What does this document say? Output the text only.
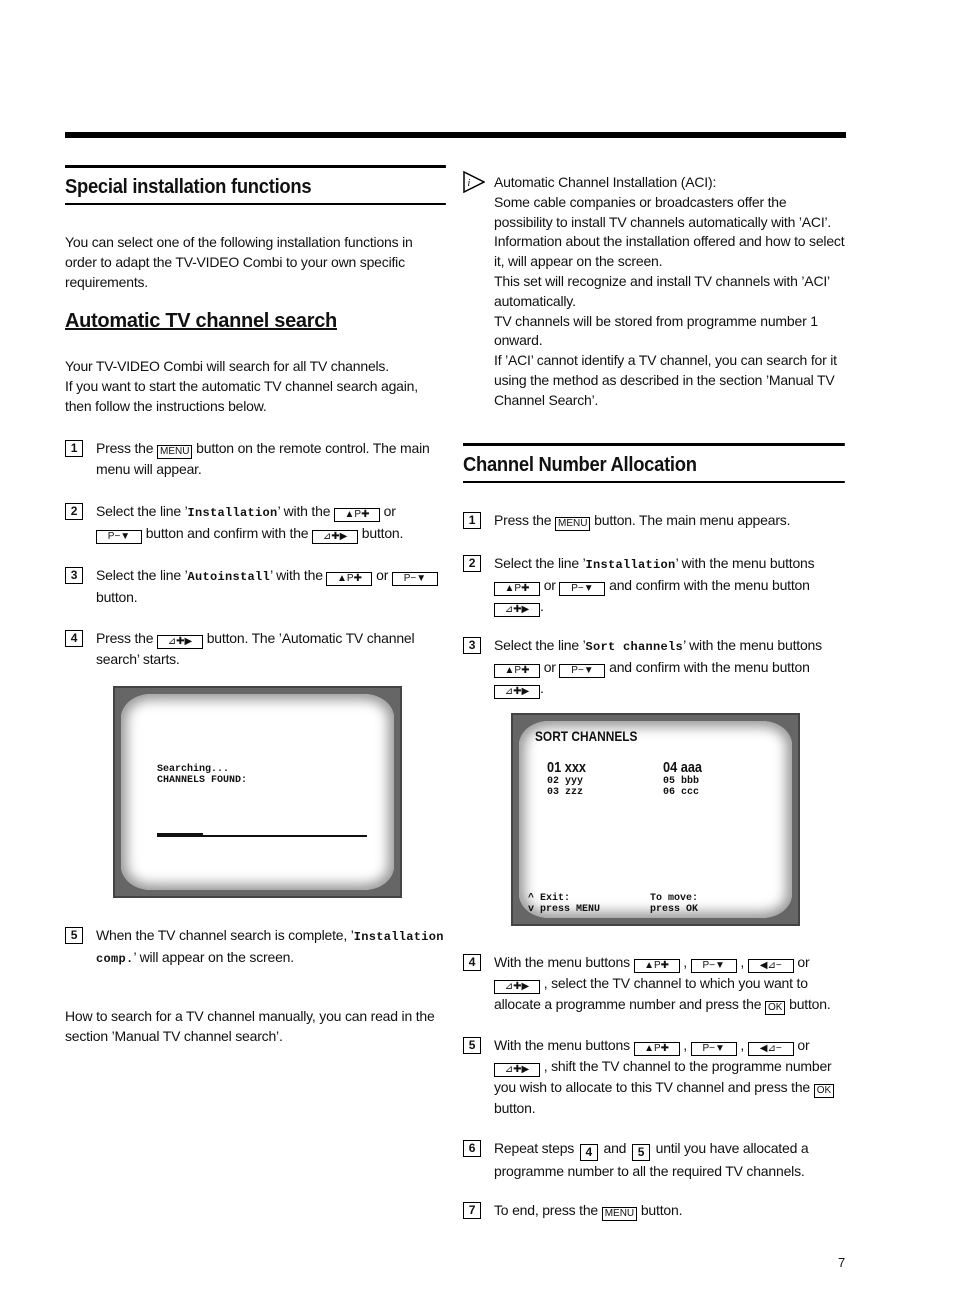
Special installation functions
You can select one of the following installation functions in order to adapt the TV-VIDEO Combi to your own specific requirements.
Automatic TV channel search
Your TV-VIDEO Combi will search for all TV channels.
If you want to start the automatic TV channel search again, then follow the instructions below.
1	Press the MENU button on the remote control. The main menu will appear.
2	Select the line ’Installation’ with the ▲P✚ or P−▼ button and confirm with the ⊿✚▶ button.
3	Select the line ’Autoinstall’ with the ▲P✚ or P−▼ button.
4	Press the ⊿✚▶ button. The ’Automatic TV channel search’ starts.
Searching...
CHANNELS FOUND:
5	When the TV channel search is complete, ’Installation comp.’ will appear on the screen.
How to search for a TV channel manually, you can read in the section ’Manual TV channel search’.
i Automatic Channel Installation (ACI):
Some cable companies or broadcasters offer the possibility to install TV channels automatically with ’ACI’.
Information about the installation offered and how to select it, will appear on the screen.
This set will recognize and install TV channels with ’ACI’ automatically.
TV channels will be stored from programme number 1 onward.
If ’ACI’ cannot identify a TV channel, you can search for it using the method as described in the section ’Manual TV Channel Search’.
Channel Number Allocation
1	Press the MENU button. The main menu appears.
2	Select the line ’Installation’ with the menu buttons ▲P✚ or P−▼ and confirm with the menu button ⊿✚▶ .
3	Select the line ’Sort channels’ with the menu buttons ▲P✚ or P−▼ and confirm with the menu button ⊿✚▶ .
SORT CHANNELS
01 xxx
02 yyy
03 zzz
04 aaa
05 bbb
06 ccc
^ Exit:
v press MENU
To move:
press OK
4	With the menu buttons ▲P✚ , P−▼ , ◀⊿− or ⊿✚▶ , select the TV channel to which you want to allocate a programme number and press the OK button.
5	With the menu buttons ▲P✚ , P−▼ , ◀⊿− or ⊿✚▶ , shift the TV channel to the programme number you wish to allocate to this TV channel and press the OK button.
6	Repeat steps 4 and 5 until you have allocated a programme number to all the required TV channels.
7	To end, press the MENU button.
7
